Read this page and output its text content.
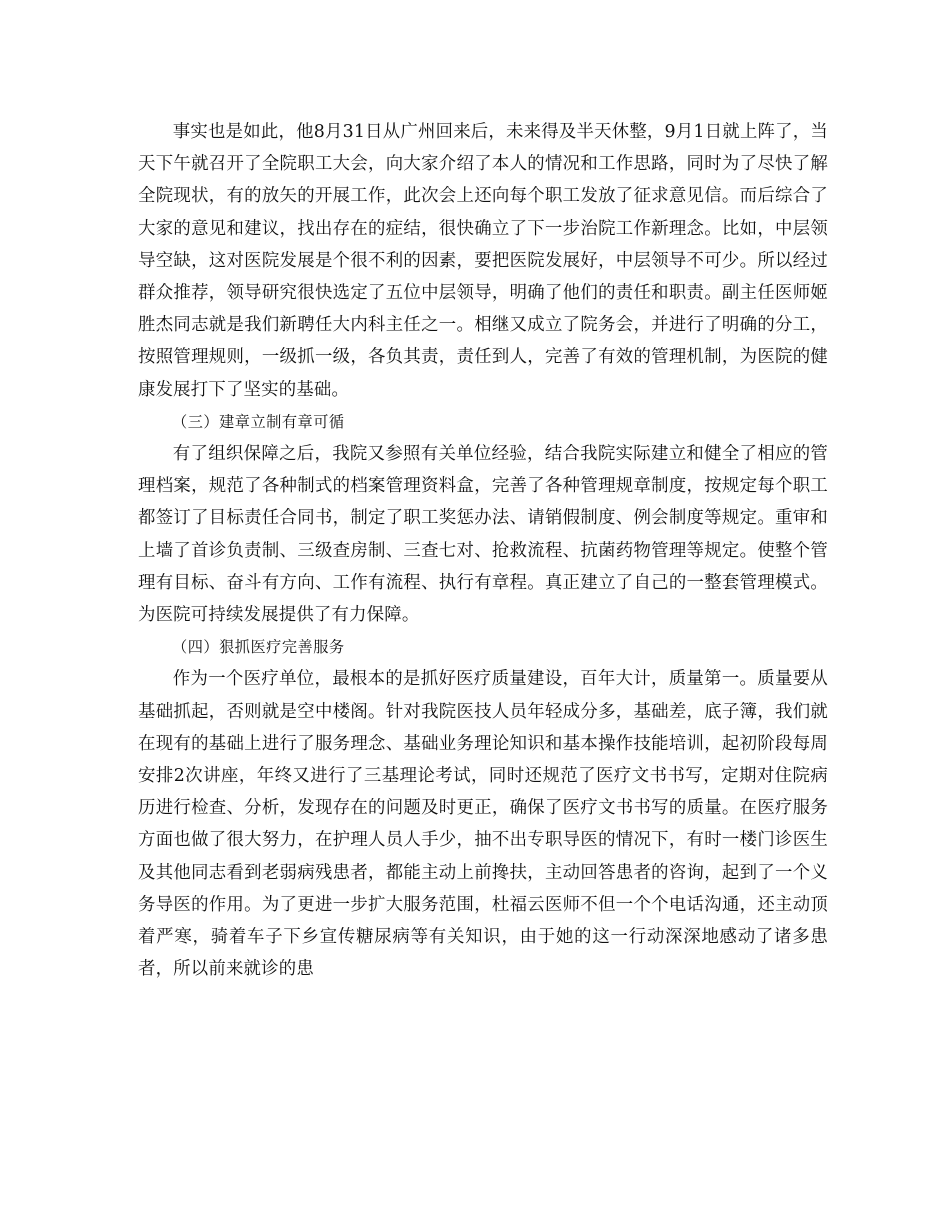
事实也是如此，他8月31日从广州回来后，未来得及半天休整，9月1日就上阵了，当天下午就召开了全院职工大会，向大家介绍了本人的情况和工作思路，同时为了尽快了解全院现状，有的放矢的开展工作，此次会上还向每个职工发放了征求意见信。而后综合了大家的意见和建议，找出存在的症结，很快确立了下一步治院工作新理念。比如，中层领导空缺，这对医院发展是个很不利的因素，要把医院发展好，中层领导不可少。所以经过群众推荐，领导研究很快选定了五位中层领导，明确了他们的责任和职责。副主任医师姬胜杰同志就是我们新聘任大内科主任之一。相继又成立了院务会，并进行了明确的分工，按照管理规则，一级抓一级，各负其责，责任到人，完善了有效的管理机制，为医院的健康发展打下了坚实的基础。

（三）建章立制有章可循

有了组织保障之后，我院又参照有关单位经验，结合我院实际建立和健全了相应的管理档案，规范了各种制式的档案管理资料盒，完善了各种管理规章制度，按规定每个职工都签订了目标责任合同书，制定了职工奖惩办法、请销假制度、例会制度等规定。重审和上墙了首诊负责制、三级查房制、三查七对、抢救流程、抗菌药物管理等规定。使整个管理有目标、奋斗有方向、工作有流程、执行有章程。真正建立了自己的一整套管理模式。为医院可持续发展提供了有力保障。

（四）狠抓医疗完善服务

作为一个医疗单位，最根本的是抓好医疗质量建设，百年大计，质量第一。质量要从基础抓起，否则就是空中楼阁。针对我院医技人员年轻成分多，基础差，底子簿，我们就在现有的基础上进行了服务理念、基础业务理论知识和基本操作技能培训，起初阶段每周安排2次讲座，年终又进行了三基理论考试，同时还规范了医疗文书书写，定期对住院病历进行检查、分析，发现存在的问题及时更正，确保了医疗文书书写的质量。在医疗服务方面也做了很大努力，在护理人员人手少，抽不出专职导医的情况下，有时一楼门诊医生及其他同志看到老弱病残患者，都能主动上前搀扶，主动回答患者的咨询，起到了一个义务导医的作用。为了更进一步扩大服务范围，杜福云医师不但一个个电话沟通，还主动顶着严寒，骑着车子下乡宣传糖尿病等有关知识，由于她的这一行动深深地感动了诸多患者，所以前来就诊的患
